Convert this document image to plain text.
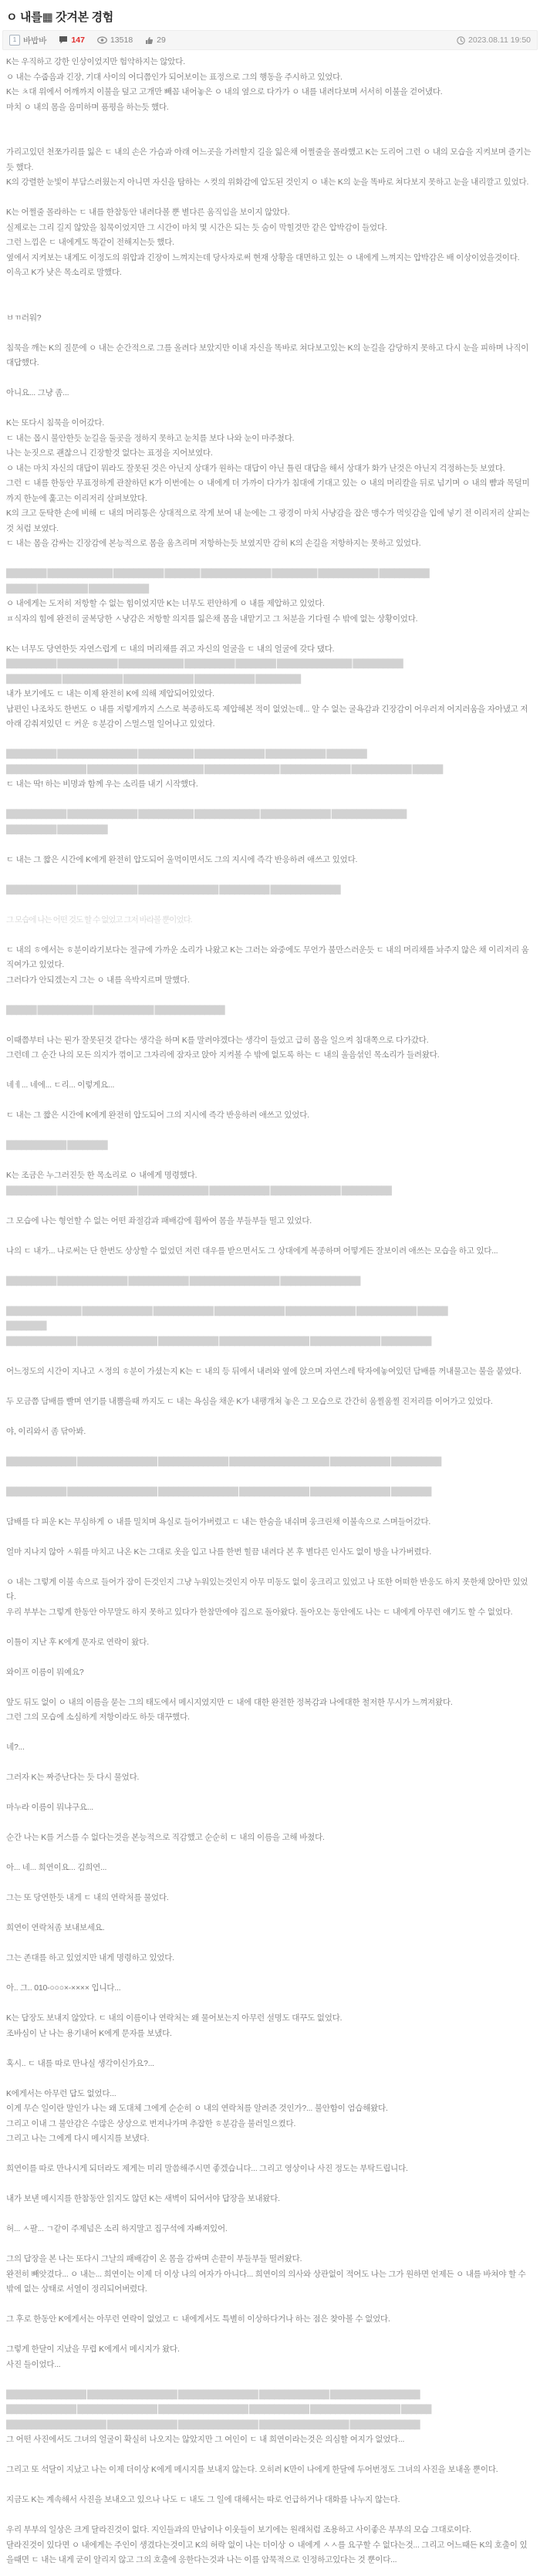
ㅇ 내를▦ 갓겨본 경험
1 바밥바	147	13518	29	2023.08.11 19:50

K는 우직하고 강한 인상이었지만 험악하지는 않았다.

ㅇ 내는 수줍음과 긴장, 기대 사이의 어디쯤인가 되어보이는 표정으로 그의 행동을 주시하고 있었다.

K는 ㅊ대 위에서 어깨까지 이불을 덮고 고개만 빼꼼 내어놓은 ㅇ 내의 옆으로 다가가 ㅇ 내를 내려다보며 서서히 이불을 걷어냈다.

마치 ㅇ 내의 몸을 음미하며 품평을 하는듯 했다.

가리고있던 천쪼가리를 잃은 ㄷ 내의 손은 가슴과 아래 어느곳을 가려할지 길을 잃은채 어쩔줄을 몰라했고 K는 도리어 그런 ㅇ 내의 모습을 지켜보며 즐기는듯 했다.

K의 강렬한 눈빛이 부담스러웠는지 아니면 자신을 탐하는 ㅅ컷의 위화감에 압도된 것인지 ㅇ 내는 K의 눈을 똑바로 쳐다보지 못하고 눈을 내리깔고 있었다.

K는 어쩔줄 몰라하는 ㄷ 내를 한참동안 내려다볼 뿐 별다른 움직임을 보이지 않았다.

실제로는 그리 길지 않았을 침묵이었지만 그 시간이 마치 몇 시간은 되는 듯 숨이 막힐것만 같은 압박감이 들었다.

그런 느낌은 ㄷ 내에게도 똑같이 전해지는듯 했다.

옆에서 지켜보는 내게도 이정도의 위압과 긴장이 느껴지는데 당사자로써 현재 상황을 대면하고 있는 ㅇ 내에게 느껴지는 압박감은 배 이상이었을것이다.

이윽고 K가 낮은 목소리로 말했다.

ㅂㄲ러워?

침묵을 깨는 K의 질문에 ㅇ 내는 순간적으로 그를 올려다 보았지만 이내 자신을 똑바로 쳐다보고있는 K의 눈길을 감당하지 못하고 다시 눈을 피하며 나직이 대답했다.

아니요... 그냥 좀...

K는 또다시 침묵을 이어갔다.

ㄷ 내는 몹시 불안한듯 눈길을 둘곳을 정하지 못하고 눈치를 보다 나와 눈이 마주쳤다.

나는 눈짓으로 괜찮으니 긴장할것 없다는 표정을 지어보였다.

ㅇ 내는 마치 자신의 대답이 뭐라도 잘못된 것은 아닌지 상대가 원하는 대답이 아닌 틀린 대답을 해서 상대가 화가 난것은 아닌지 걱정하는듯 보였다.

그런 ㄷ 내를 한동안 무표정하게 관찰하던 K가 이번에는 ㅇ 내에게 더 가까이 다가가 침대에 기대고 있는 ㅇ 내의 머리칼을 뒤로 넘기며 ㅇ 내의 뺨과 목덜미까지 한눈에 훑고는 이리저리 살펴보았다.

K의 크고 둔탁한 손에 비해 ㄷ 내의 머리통은 상대적으로 작게 보여 내 눈에는 그 광경이 마치 사냥감을 잡은 맹수가 먹잇감을 입에 넣기 전 이리저리 살피는것 처럼 보였다.

ㄷ 내는 몸을 감싸는 긴장감에 본능적으로 몸을 움츠리며 저항하는듯 보였지만 감히 K의 손길을 저항하지는 못하고 있었다.

████████ █████████████ ██████████ ███████ ██████████████ █████████ ████████████ ██████████

██████ ██████████ ████████████

ㅇ 내에게는 도저히 저항할 수 없는 힘이었지만 K는 너무도 편안하게 ㅇ 내를 제압하고 있었다.

ㅍ식자의 힘에 완전히 굴복당한 ㅅ냥감은 저항할 의지를 잃은채 몸을 내맡기고 그 처분을 기다릴 수 밖에 없는 상황이었다.

K는 너무도 당연한듯 자연스럽게 ㄷ 내의 머리채를 쥐고 자신의 얼굴을 ㄷ 내의 얼굴에 갖다 댔다.

██████████ ████████████ █████████████ ██████████ ████████ ███████████████ ██████████

███████████ ████████████ ██████████████ ████████████ █████████

내가 보기에도 ㄷ 내는 이제 완전히 K에 의해 제압되어있었다.

남편인 나조차도 한번도 ㅇ 내를 저렇게까지 스스로 복종하도록 제압해본 적이 없었는데... 알 수 없는 굴욕감과 긴장감이 어우러져 어지러움을 자아냈고 저 아래 감춰져있던 ㄷ 커운 ㅎ분감이 스멀스멀 일어나고 있었다.

██████████ ████████████████ ███████████ ██████████████ ████████████ ████████

████████████████ ██████████ █████████████ ███████████████ ██████████████ ████████████ ██████

ㄷ 내는 딱! 하는 비명과 함께 우는 소리를 내기 시작했다.

████████████ ██████████████ ███████████ █████████████ ██████████████ ███████████████

██████████ ██████████

ㄷ 내는 그 짧은 시간에 K에게 완전히 압도되어 울먹이면서도 그의 지시에 즉각 반응하려 애쓰고 있었다.

██████████████ ████████████ ████████████████ ██████████ ██████████████

그 모습에 나는 어떤 것도 할 수 없었고 그저 바라볼 뿐이었다.

ㄷ 내의 ㅎ에서는 ㅎ분이라기보다는 절규에 가까운 소리가 나왔고 K는 그러는 와중에도 무언가 불만스러운듯 ㄷ 내의 머리채를 놔주지 않은 채 이리저리 움직여가고 있었다.

그러다가 안되겠는지 그는 ㅇ 내를 윽박지르며 말했다.

██████ ███████████ ████████████ ██████████████

이때쯤부터 나는 뭔가 잘못된것 같다는 생각을 하며 K를 말려야겠다는 생각이 들었고 급히 몸을 일으켜 침대쪽으로 다가갔다.

그런데 그 순간 나의 모든 의지가 꺾이고 그자리에 잠자코 앉아 지켜볼 수 밖에 없도록 하는 ㄷ 내의 울음섞인 목소리가 들려왔다.

네ㅔ... 네에... ㄷ리... 이렇게요...

ㄷ 내는 그 짧은 시간에 K에게 완전히 압도되어 그의 지시에 즉각 반응하려 애쓰고 있었다.

████████████ ████████

K는 조금은 누그러진듯 한 목소리로 ㅇ 내에게 명령했다.

██████████ ████████████████ ██████████████ ████████████ ██████████████ ██████████

그 모습에 나는 형언할 수 없는 어떤 좌절감과 패배감에 휩싸여 몸을 부들부들 떨고 있었다.

나의 ㄷ 내가... 나로써는 단 한번도 상상할 수 없었던 저런 대우를 받으면서도 그 상대에게 복종하며 어떻게든 잘보이려 애쓰는 모습을 하고 있다...

██████████ ██████████████ ████████████ ██████████████████ ████████████████

███████████████ ██████████████ ████████████ ██████████████ ██████████████ ████████████ ██████

████████

██████████████ ████████████████ ████████████ ██████████████████ ██████████████ ██████████

어느정도의 시간이 지나고 ㅅ정의 ㅎ분이 가셨는지 K는 ㄷ 내의 등 뒤에서 내려와 옆에 앉으며 자연스레 탁자에놓여있던 담배를 꺼내물고는 불을 붙였다.

두 모금쯤 담배를 빨며 연기를 내뿜을때 까지도 ㄷ 내는 욕심을 채운 K가 내팽개쳐 놓은 그 모습으로 간간히 움찔움찔 진저리를 이어가고 있었다.

야, 이리와서 좀 닦아봐.

██████████████ ████████████████ ██████████████ ████████████████████ ████████████ ██████████

████████████ ██████████████████ ████████████████ ██████████████ ████████████████ ████████

담배를 다 피운 K는 무심하게 ㅇ 내를 밀치며 욕실로 들어가버렸고 ㄷ 내는 한숨을 내쉬며 웅크린채 이불속으로 스며들어갔다.

얼마 지나지 않아 ㅅ워를 마치고 나온 K는 그대로 옷을 입고 나를 한번 힐끔 내려다 본 후 별다른 인사도 없이 방을 나가버렸다.

ㅇ 내는 그렇게 이불 속으로 들어가 잠이 든것인지 그냥 누워있는것인지 아무 미동도 없이 웅크리고 있었고 나 또한 어떠한 반응도 하지 못한채 앉아만 있었다.

우리 부부는 그렇게 한동안 아무말도 하지 못하고 있다가 한참만에야 집으로 돌아왔다. 돌아오는 동안에도 나는 ㄷ 내에게 아무런 얘기도 할 수 없었다.

이틀이 지난 후 K에게 문자로 연락이 왔다.

와이프 이름이 뭐예요?

앞도 뒤도 없이 ㅇ 내의 이름을 묻는 그의 태도에서 메시지였지만 ㄷ 내에 대한 완전한 정복감과 나에대한 철저한 무시가 느껴져왔다.

그런 그의 모습에 소심하게 저항이라도 하듯 대꾸했다.

네?...

그러자 K는 짜증난다는 듯 다시 물었다.

마누라 이름이 뭐냐구요...

순간 나는 K를 거스를 수 없다는것을 본능적으로 직감했고 순순히 ㄷ 내의 이름을 고해 바쳤다.

아... 네... 희연이요... 김희연...

그는 또 당연한듯 내게 ㄷ 내의 연락처를 물었다.

희연이 연락처좀 보내보세요.

그는 존대를 하고 있었지만 내게 명령하고 있었다.

아.. 그.. 010-○○○×-×××× 입니다...

K는 답장도 보내지 않았다. ㄷ 내의 이름이나 연락처는 왜 물어보는지 아무런 설명도 대꾸도 없었다.

조바심이 난 나는 용기내어 K에게 문자를 보냈다.

혹시.. ㄷ 내를 따로 만나실 생각이신가요?...

K에게서는 아무런 답도 없었다...

이게 무슨 일이란 말인가 나는 왜 도대체 그에게 순순히 ㅇ 내의 연락처를 알려준 것인가?... 불안함이 엄습해왔다.

그리고 이내 그 불안감은 수많은 상상으로 번져나가며 추잡한 ㅎ분감을 불러일으켰다.

그리고 나는 그에게 다시 메시지를 보냈다.

희연이를 따로 만나시게 되더라도 제게는 미리 말씀해주시면 좋겠습니다... 그리고 영상이나 사진 정도는 부탁드립니다.

내가 보낸 메시지를 한참동안 읽지도 않던 K는 새벽이 되어서야 답장을 보내왔다.

허... ㅅ팔... ㄱ같이 주제넘은 소리 하지말고 집구석에 자빠져있어.

그의 답장을 본 나는 또다시 그날의 패배감이 온 몸을 감싸며 손끝이 부들부들 떨려왔다.

완전히 빼앗겼다... ㅇ 내는... 희연이는 이제 더 이상 나의 여자가 아니다... 희연이의 의사와 상관없이 적어도 나는 그가 원하면 언제든 ㅇ 내를 바쳐야 할 수 밖에 없는 상태로 서열이 정리되어버렸다.

그 후로 한동안 K에게서는 아무런 연락이 없었고 ㄷ 내에게서도 특별히 이상하다거나 하는 점은 찾아볼 수 없었다.

그렇게 한달이 지났을 무렵 K에게서 메시지가 왔다.

사진 들이었다...

████████████████ ██████████████████ ████████████████ ██████████████ ██████████████████

██████████████ ████████████████ ██████████████████ ████████████ ██████████████████ ██████

████████████████████ ██████████████ ████████████████ ██████████████████ ██████████████

그 어떤 사진에서도 그녀의 얼굴이 확실히 나오지는 않았지만 그 여인이 ㄷ 내 희연이라는것은 의심할 여지가 없었다...

그리고 또 석달이 지났고 나는 이제 더이상 K에게 메시지를 보내지 않는다. 오히려 K만이 나에게 한달에 두어번정도 그녀의 사진을 보내올 뿐이다.

지금도 K는 계속해서 사진을 보내오고 있으나 나도 ㄷ 내도 그 일에 대해서는 따로 언급하거나 대화를 나누지 않는다.

우리 부부의 일상은 크게 달라진것이 없다. 지인들과의 만남이나 이웃들이 보기에는 원래처럼 조용하고 사이좋은 부부의 모습 그대로이다.

달라진것이 있다면 ㅇ 내에게는 주인이 생겼다는것이고 K의 허락 없이 나는 더이상 ㅇ 내에게 ㅅㅅ를 요구할 수 없다는것... 그리고 어느때든 K의 호출이 있을때면 ㄷ 내는 내게 굳이 알리지 않고 그의 호출에 응한다는것과 나는 이를 암묵적으로 인정하고있다는 것 뿐이다...
